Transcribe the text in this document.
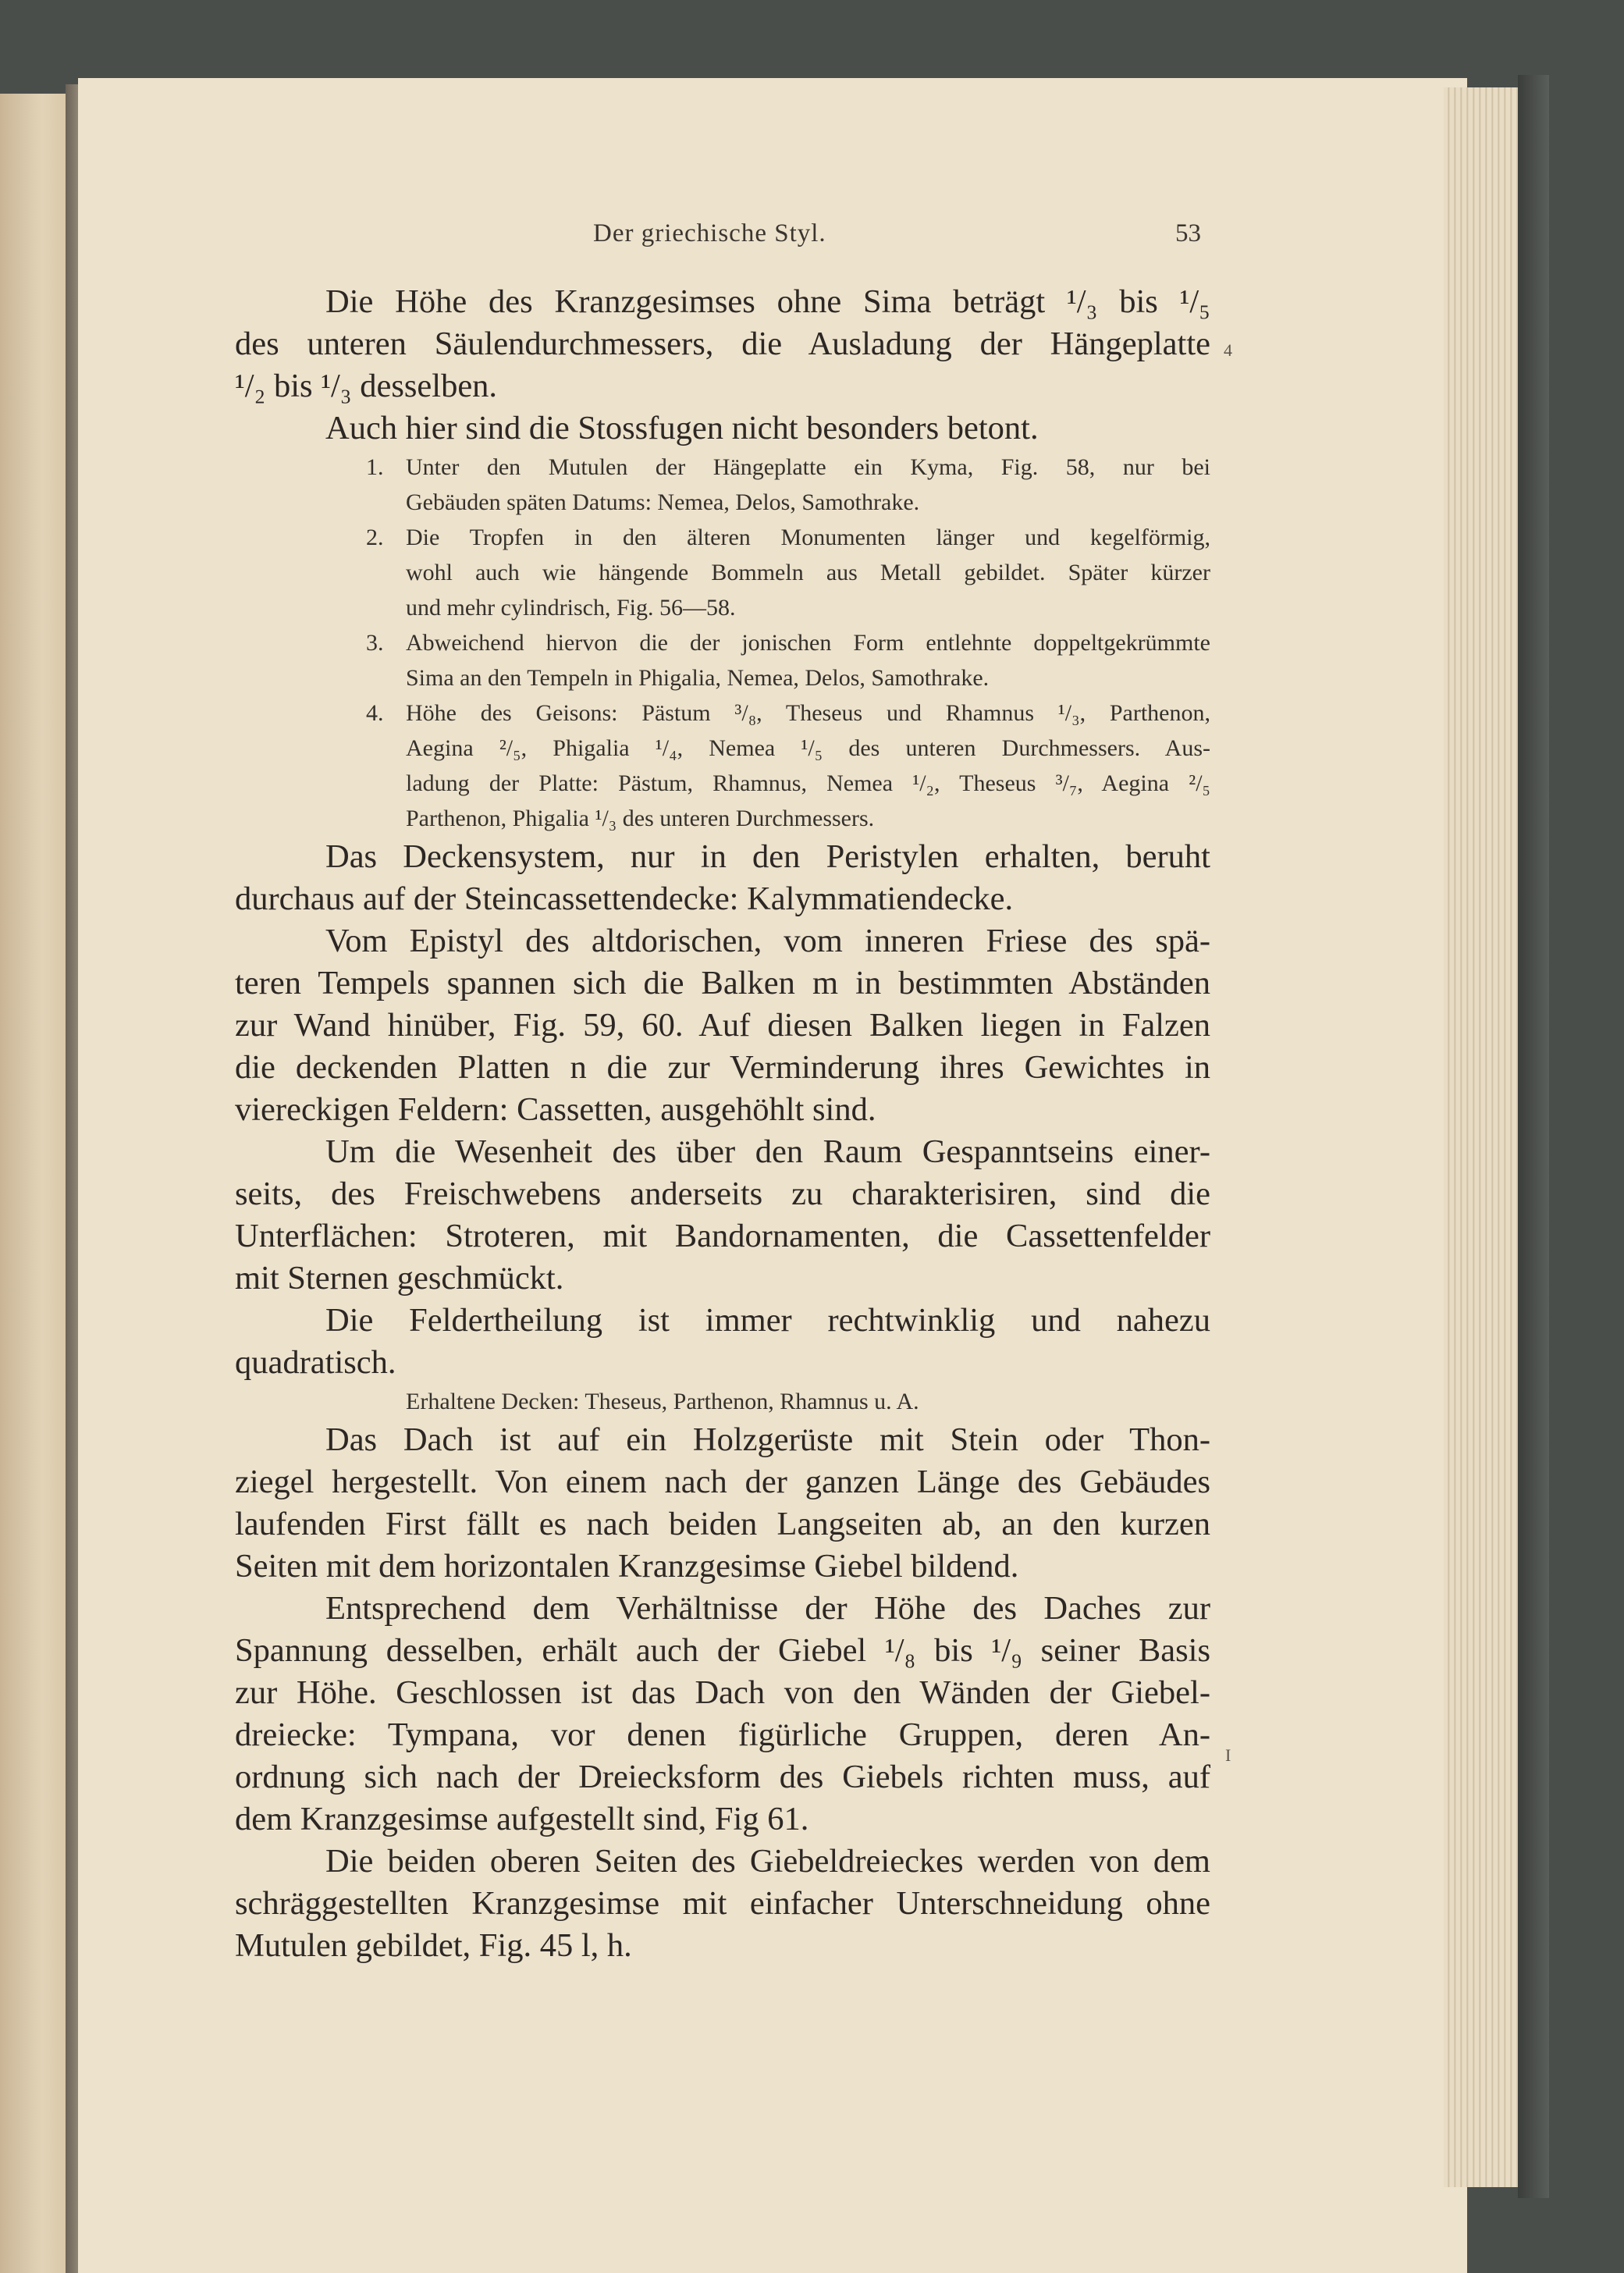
Der griechische Styl.	53
4
I

Die Höhe des Kranzgesimses ohne Sima beträgt ¹/₃ bis ¹/₅

des unteren Säulendurchmessers, die Ausladung der Hängeplatte

¹/₂ bis ¹/₃ desselben.

Auch hier sind die Stossfugen nicht besonders betont.

1. Unter den Mutulen der Hängeplatte ein Kyma, Fig. 58, nur bei
Gebäuden späten Datums: Nemea, Delos, Samothrake.
2. Die Tropfen in den älteren Monumenten länger und kegelförmig,
wohl auch wie hängende Bommeln aus Metall gebildet. Später kürzer
und mehr cylindrisch, Fig. 56—58.
3. Abweichend hiervon die der jonischen Form entlehnte doppeltgekrümmte
Sima an den Tempeln in Phigalia, Nemea, Delos, Samothrake.
4. Höhe des Geisons: Pästum ³/₈, Theseus und Rhamnus ¹/₃, Parthenon,
Aegina ²/₅, Phigalia ¹/₄, Nemea ¹/₅ des unteren Durchmessers. Aus-
ladung der Platte: Pästum, Rhamnus, Nemea ¹/₂, Theseus ³/₇, Aegina ²/₅
Parthenon, Phigalia ¹/₃ des unteren Durchmessers.

Das Deckensystem, nur in den Peristylen erhalten, beruht

durchaus auf der Steincassettendecke: Kalymmatiendecke.

Vom Epistyl des altdorischen, vom inneren Friese des spä-

teren Tempels spannen sich die Balken m in bestimmten Abständen

zur Wand hinüber, Fig. 59, 60. Auf diesen Balken liegen in Falzen

die deckenden Platten n die zur Verminderung ihres Gewichtes in

viereckigen Feldern: Cassetten, ausgehöhlt sind.

Um die Wesenheit des über den Raum Gespanntseins einer-

seits, des Freischwebens anderseits zu charakterisiren, sind die

Unterflächen: Stroteren, mit Bandornamenten, die Cassettenfelder

mit Sternen geschmückt.

Die Feldertheilung ist immer rechtwinklig und nahezu

quadratisch.

Erhaltene Decken: Theseus, Parthenon, Rhamnus u. A.

Das Dach ist auf ein Holzgerüste mit Stein oder Thon-

ziegel hergestellt. Von einem nach der ganzen Länge des Gebäudes

laufenden First fällt es nach beiden Langseiten ab, an den kurzen

Seiten mit dem horizontalen Kranzgesimse Giebel bildend.

Entsprechend dem Verhältnisse der Höhe des Daches zur

Spannung desselben, erhält auch der Giebel ¹/₈ bis ¹/₉ seiner Basis

zur Höhe. Geschlossen ist das Dach von den Wänden der Giebel-

dreiecke: Tympana, vor denen figürliche Gruppen, deren An-

ordnung sich nach der Dreiecksform des Giebels richten muss, auf

dem Kranzgesimse aufgestellt sind, Fig 61.

Die beiden oberen Seiten des Giebeldreieckes werden von dem

schräggestellten Kranzgesimse mit einfacher Unterschneidung ohne

Mutulen gebildet, Fig. 45 l, h.
